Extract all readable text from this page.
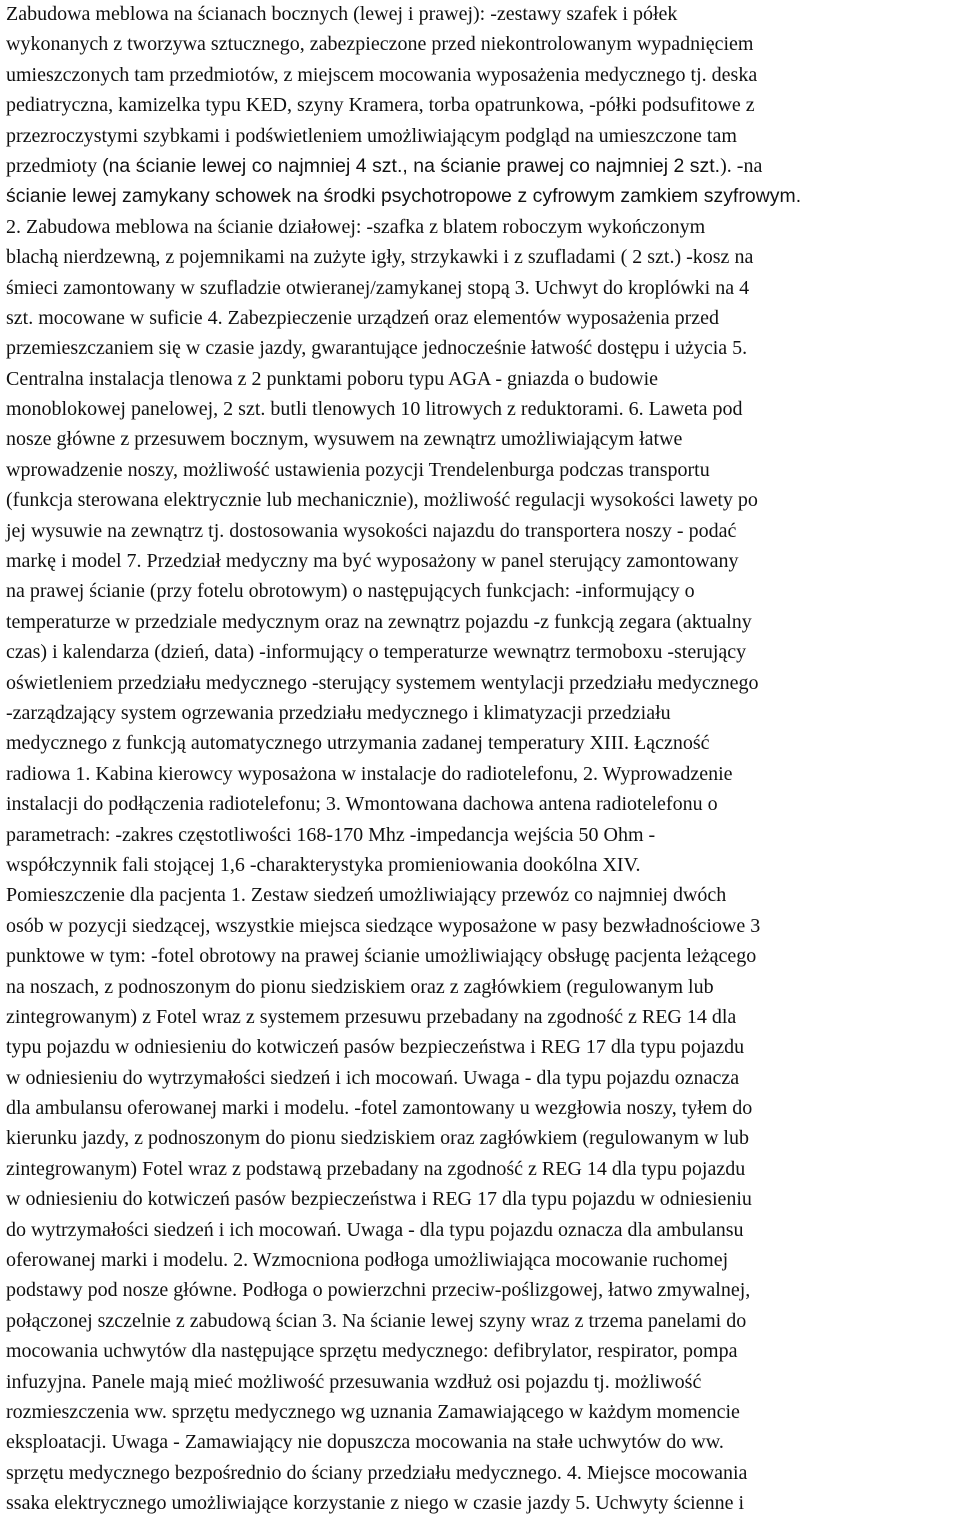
Zabudowa meblowa na ścianach bocznych (lewej i prawej): -zestawy szafek i półek
wykonanych z tworzywa sztucznego, zabezpieczone przed niekontrolowanym wypadnięciem
umieszczonych tam przedmiotów, z miejscem mocowania wyposażenia medycznego tj. deska
pediatryczna, kamizelka typu KED, szyny Kramera, torba opatrunkowa, -półki podsufitowe z
przezroczystymi szybkami i podświetleniem umożliwiającym podgląd na umieszczone tam
przedmioty (na ścianie lewej co najmniej 4 szt., na ścianie prawej co najmniej 2 szt.). -na
ścianie lewej zamykany schowek na środki psychotropowe z cyfrowym zamkiem szyfrowym.
2. Zabudowa meblowa na ścianie działowej: -szafka z blatem roboczym wykończonym
blachą nierdzewną, z pojemnikami na zużyte igły, strzykawki i z szufladami ( 2 szt.) -kosz na
śmieci zamontowany w szufladzie otwieranej/zamykanej stopą 3. Uchwyt do kroplówki na 4
szt. mocowane w suficie 4. Zabezpieczenie urządzeń oraz elementów wyposażenia przed
przemieszczaniem się w czasie jazdy, gwarantujące jednocześnie łatwość dostępu i użycia 5.
Centralna instalacja tlenowa z 2 punktami poboru typu AGA - gniazda o budowie
monoblokowej panelowej, 2 szt. butli tlenowych 10 litrowych z reduktorami. 6. Laweta pod
nosze główne z przesuwem bocznym, wysuwem na zewnątrz umożliwiającym łatwe
wprowadzenie noszy, możliwość ustawienia pozycji Trendelenburga podczas transportu
(funkcja sterowana elektrycznie lub mechanicznie), możliwość regulacji wysokości lawety po
jej wysuwie na zewnątrz tj. dostosowania wysokości najazdu do transportera noszy - podać
markę i model 7. Przedział medyczny ma być wyposażony w panel sterujący zamontowany
na prawej ścianie (przy fotelu obrotowym) o następujących funkcjach: -informujący o
temperaturze w przedziale medycznym oraz na zewnątrz pojazdu -z funkcją zegara (aktualny
czas) i kalendarza (dzień, data) -informujący o temperaturze wewnątrz termoboxu -sterujący
oświetleniem przedziału medycznego -sterujący systemem wentylacji przedziału medycznego
-zarządzający system ogrzewania przedziału medycznego i klimatyzacji przedziału
medycznego z funkcją automatycznego utrzymania zadanej temperatury XIII. Łączność
radiowa 1. Kabina kierowcy wyposażona w instalacje do radiotelefonu, 2. Wyprowadzenie
instalacji do podłączenia radiotelefonu; 3. Wmontowana dachowa antena radiotelefonu o
parametrach: -zakres częstotliwości 168-170 Mhz -impedancja wejścia 50 Ohm -
współczynnik fali stojącej 1,6 -charakterystyka promieniowania dookólna XIV.
Pomieszczenie dla pacjenta 1. Zestaw siedzeń umożliwiający przewóz co najmniej dwóch
osób w pozycji siedzącej, wszystkie miejsca siedzące wyposażone w pasy bezwładnościowe 3
punktowe w tym: -fotel obrotowy na prawej ścianie umożliwiający obsługę pacjenta leżącego
na noszach, z podnoszonym do pionu siedziskiem oraz z zagłówkiem (regulowanym lub
zintegrowanym) z Fotel wraz z systemem przesuwu przebadany na zgodność z REG 14 dla
typu pojazdu w odniesieniu do kotwiczeń pasów bezpieczeństwa i REG 17 dla typu pojazdu
w odniesieniu do wytrzymałości siedzeń i ich mocowań. Uwaga - dla typu pojazdu oznacza
dla ambulansu oferowanej marki i modelu. -fotel zamontowany u wezgłowia noszy, tyłem do
kierunku jazdy, z podnoszonym do pionu siedziskiem oraz zagłówkiem (regulowanym w lub
zintegrowanym) Fotel wraz z podstawą przebadany na zgodność z REG 14 dla typu pojazdu
w odniesieniu do kotwiczeń pasów bezpieczeństwa i REG 17 dla typu pojazdu w odniesieniu
do wytrzymałości siedzeń i ich mocowań. Uwaga - dla typu pojazdu oznacza dla ambulansu
oferowanej marki i modelu. 2. Wzmocniona podłoga umożliwiająca mocowanie ruchomej
podstawy pod nosze główne. Podłoga o powierzchni przeciw-poślizgowej, łatwo zmywalnej,
połączonej szczelnie z zabudową ścian 3. Na ścianie lewej szyny wraz z trzema panelami do
mocowania uchwytów dla następujące sprzętu medycznego: defibrylator, respirator, pompa
infuzyjna. Panele mają mieć możliwość przesuwania wzdłuż osi pojazdu tj. możliwość
rozmieszczenia ww. sprzętu medycznego wg uznania Zamawiającego w każdym momencie
eksploatacji. Uwaga - Zamawiający nie dopuszcza mocowania na stałe uchwytów do ww.
sprzętu medycznego bezpośrednio do ściany przedziału medycznego. 4. Miejsce mocowania
ssaka elektrycznego umożliwiające korzystanie z niego w czasie jazdy 5. Uchwyty ścienne i
